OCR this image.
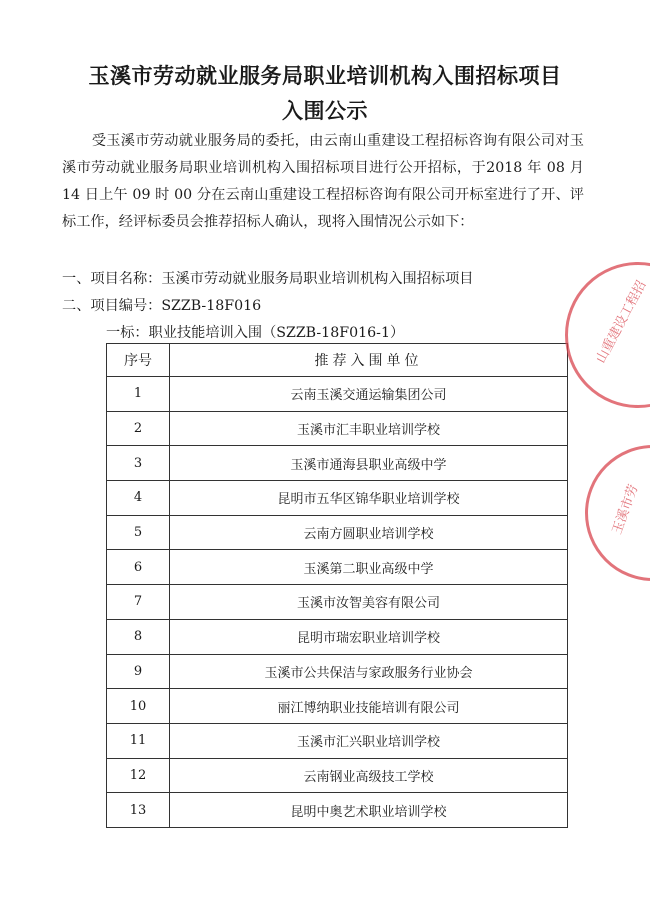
玉溪市劳动就业服务局职业培训机构入围招标项目
入围公示

受玉溪市劳动就业服务局的委托，由云南山重建设工程招标咨询有限公司对玉溪市劳动就业服务局职业培训机构入围招标项目进行公开招标，于2018 年 08 月 14 日上午 09 时 00 分在云南山重建设工程招标咨询有限公司开标室进行了开、评标工作，经评标委员会推荐招标人确认，现将入围情况公示如下：

一、项目名称：玉溪市劳动就业服务局职业培训机构入围招标项目

二、项目编号：SZZB-18F016

一标：职业技能培训入围（SZZB-18F016-1）

序号	推荐入围单位
1	云南玉溪交通运输集团公司
2	玉溪市汇丰职业培训学校
3	玉溪市通海县职业高级中学
4	昆明市五华区锦华职业培训学校
5	云南方圆职业培训学校
6	玉溪第二职业高级中学
7	玉溪市汝智美容有限公司
8	昆明市瑞宏职业培训学校
9	玉溪市公共保洁与家政服务行业协会
10	丽江博纳职业技能培训有限公司
11	玉溪市汇兴职业培训学校
12	云南钢业高级技工学校
13	昆明中奥艺术职业培训学校
山重建设工程招
玉溪市劳
